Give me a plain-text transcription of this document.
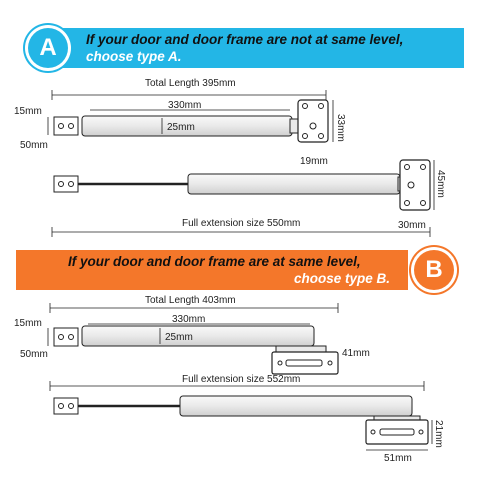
If your door and door frame are not at same level,
choose type A.
A
If your door and door frame are at same level,
choose type B.	B
Total Length 395mm
330mm
15mm
50mm
25mm	33mm
19mm
45mm
Full extension size 550mm	30mm
Total Length 403mm
330mm
15mm
50mm
25mm
41mm
Full extension size 552mm
21mm
51mm
